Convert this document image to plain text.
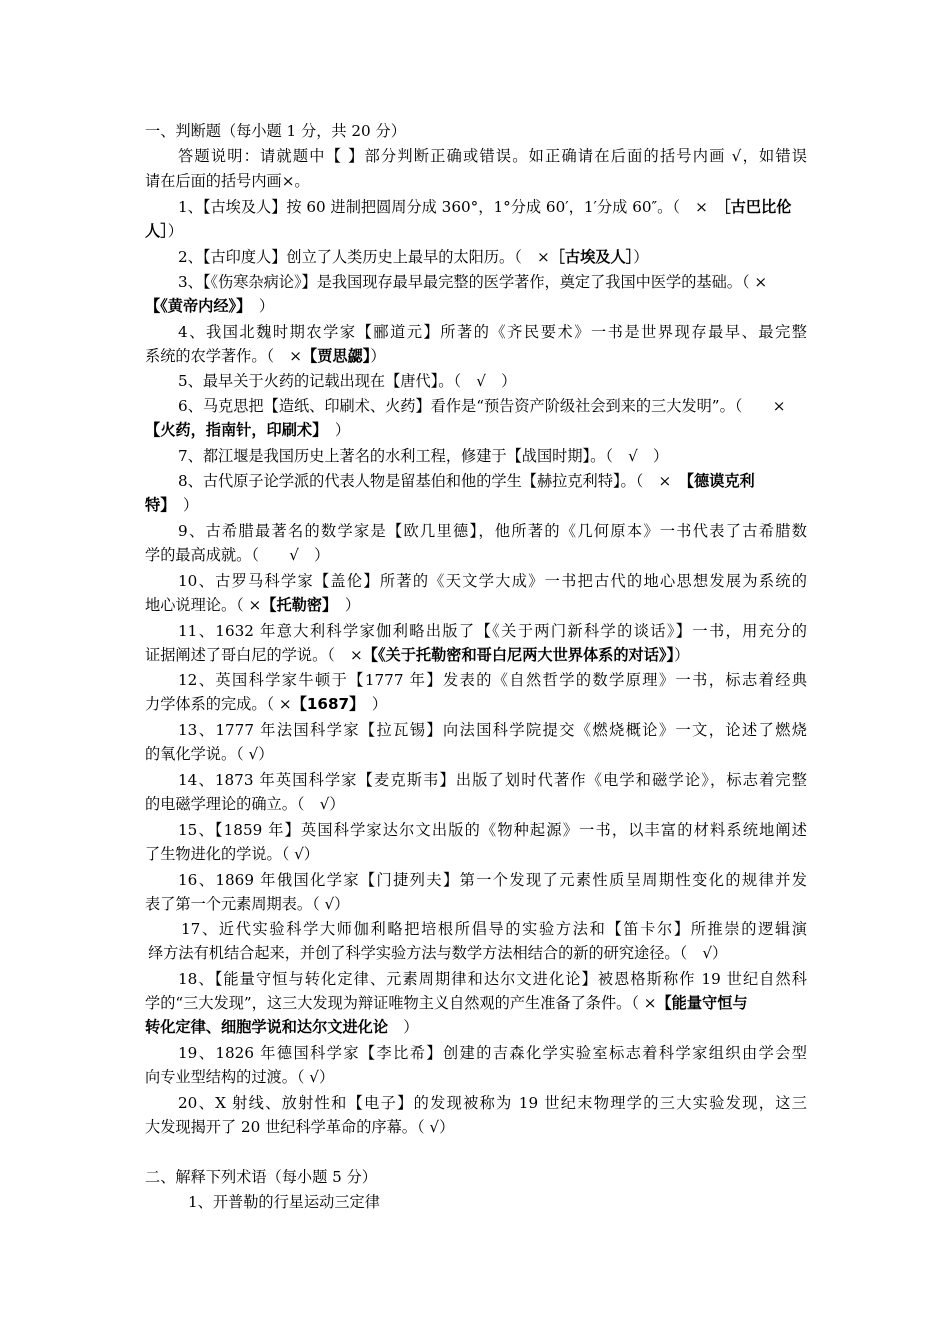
一、判断题（每小题 1 分，共 20 分）
答题说明：请就题中【 】部分判断正确或错误。如正确请在后面的括号内画 √，如错误
请在后面的括号内画×。
1、【古埃及人】按 60 进制把圆周分成 360°，1°分成 60′，1′分成 60″。（　×　［古巴比伦
人］）
2、【古印度人】创立了人类历史上最早的太阳历。（　×［古埃及人］）
3、【《伤寒杂病论》】是我国现存最早最完整的医学著作，奠定了我国中医学的基础。（ ×
【《黄帝内经》】　）
4、我国北魏时期农学家【郦道元】所著的《齐民要术》一书是世界现存最早、最完整
系统的农学著作。（　×【贾思勰】）
5、最早关于火药的记载出现在【唐代】。（　√　）
6、马克思把【造纸、印刷术、火药】看作是“预告资产阶级社会到来的三大发明”。（　　×
【火药，指南针，印刷术】　）
7、都江堰是我国历史上著名的水利工程，修建于【战国时期】。（　√　）
8、古代原子论学派的代表人物是留基伯和他的学生【赫拉克利特】。（　×　 【德谟克利
特】　）
9、古希腊最著名的数学家是【欧几里德】，他所著的《几何原本》一书代表了古希腊数
学的最高成就。（　　√　）
10、古罗马科学家【盖伦】所著的《天文学大成》一书把古代的地心思想发展为系统的
地心说理论。（ ×【托勒密】　）
11、1632 年意大利科学家伽利略出版了【《关于两门新科学的谈话》】一书，用充分的
证据阐述了哥白尼的学说。（　×【《关于托勒密和哥白尼两大世界体系的对话》】）
12、英国科学家牛顿于【1777 年】发表的《自然哲学的数学原理》一书，标志着经典
力学体系的完成。（ ×【1687】　）
13、1777 年法国科学家【拉瓦锡】向法国科学院提交《燃烧概论》一文，论述了燃烧
的氧化学说。（ √）
14、1873 年英国科学家【麦克斯韦】出版了划时代著作《电学和磁学论》，标志着完整
的电磁学理论的确立。（　√）
15、【1859 年】英国科学家达尔文出版的《物种起源》一书，以丰富的材料系统地阐述
了生物进化的学说。（ √）
16、1869 年俄国化学家【门捷列夫】第一个发现了元素性质呈周期性变化的规律并发
表了第一个元素周期表。（ √）
17、近代实验科学大师伽利略把培根所倡导的实验方法和【笛卡尔】所推崇的逻辑演
绎方法有机结合起来，并创了科学实验方法与数学方法相结合的新的研究途径。（　√）
18、【能量守恒与转化定律、元素周期律和达尔文进化论】被恩格斯称作 19 世纪自然科
学的“三大发现”，这三大发现为辩证唯物主义自然观的产生准备了条件。（ ×【能量守恒与
转化定律、细胞学说和达尔文进化论　）
19、1826 年德国科学家【李比希】创建的吉森化学实验室标志着科学家组织由学会型
向专业型结构的过渡。（ √）
20、X 射线、放射性和【电子】的发现被称为 19 世纪末物理学的三大实验发现，这三
大发现揭开了 20 世纪科学革命的序幕。（ √）
二、解释下列术语（每小题 5 分）
1、开普勒的行星运动三定律
